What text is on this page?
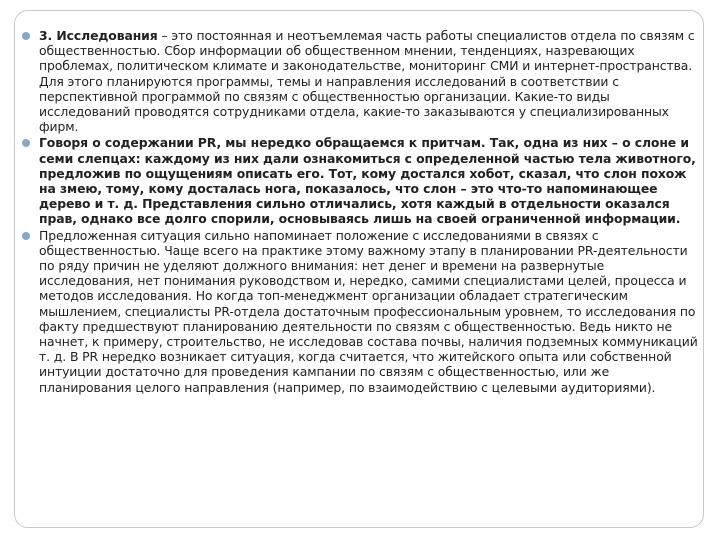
3. Исследования – это постоянная и неотъемлемая часть работы специалистов отдела по связям с общественностью. Сбор информации об общественном мнении, тенденциях, назревающих проблемах, политическом климате и законодательстве, мониторинг СМИ и интернет-пространства. Для этого планируются программы, темы и направления исследований в соответствии с перспективной программой по связям с общественностью организации. Какие-то виды исследований проводятся сотрудниками отдела, какие-то заказываются у специализированных фирм.
Говоря о содержании PR, мы нередко обращаемся к притчам. Так, одна из них – о слоне и семи слепцах: каждому из них дали ознакомиться с определенной частью тела животного, предложив по ощущениям описать его. Тот, кому достался хобот, сказал, что слон похож на змею, тому, кому досталась нога, показалось, что слон – это что-то напоминающее дерево и т. д. Представления сильно отличались, хотя каждый в отдельности оказался прав, однако все долго спорили, основываясь лишь на своей ограниченной информации.
Предложенная ситуация сильно напоминает положение с исследованиями в связях с общественностью. Чаще всего на практике этому важному этапу в планировании PR-деятельности по ряду причин не уделяют должного внимания: нет денег и времени на развернутые исследования, нет понимания руководством и, нередко, самими специалистами целей, процесса и методов исследования. Но когда топ-менеджмент организации обладает стратегическим мышлением, специалисты PR-отдела достаточным профессиональным уровнем, то исследования по факту предшествуют планированию деятельности по связям с общественностью. Ведь никто не начнет, к примеру, строительство, не исследовав состава почвы, наличия подземных коммуникаций т. д. В PR нередко возникает ситуация, когда считается, что житейского опыта или собственной интуиции достаточно для проведения кампании по связям с общественностью, или же планирования целого направления (например, по взаимодействию с целевыми аудиториями).
